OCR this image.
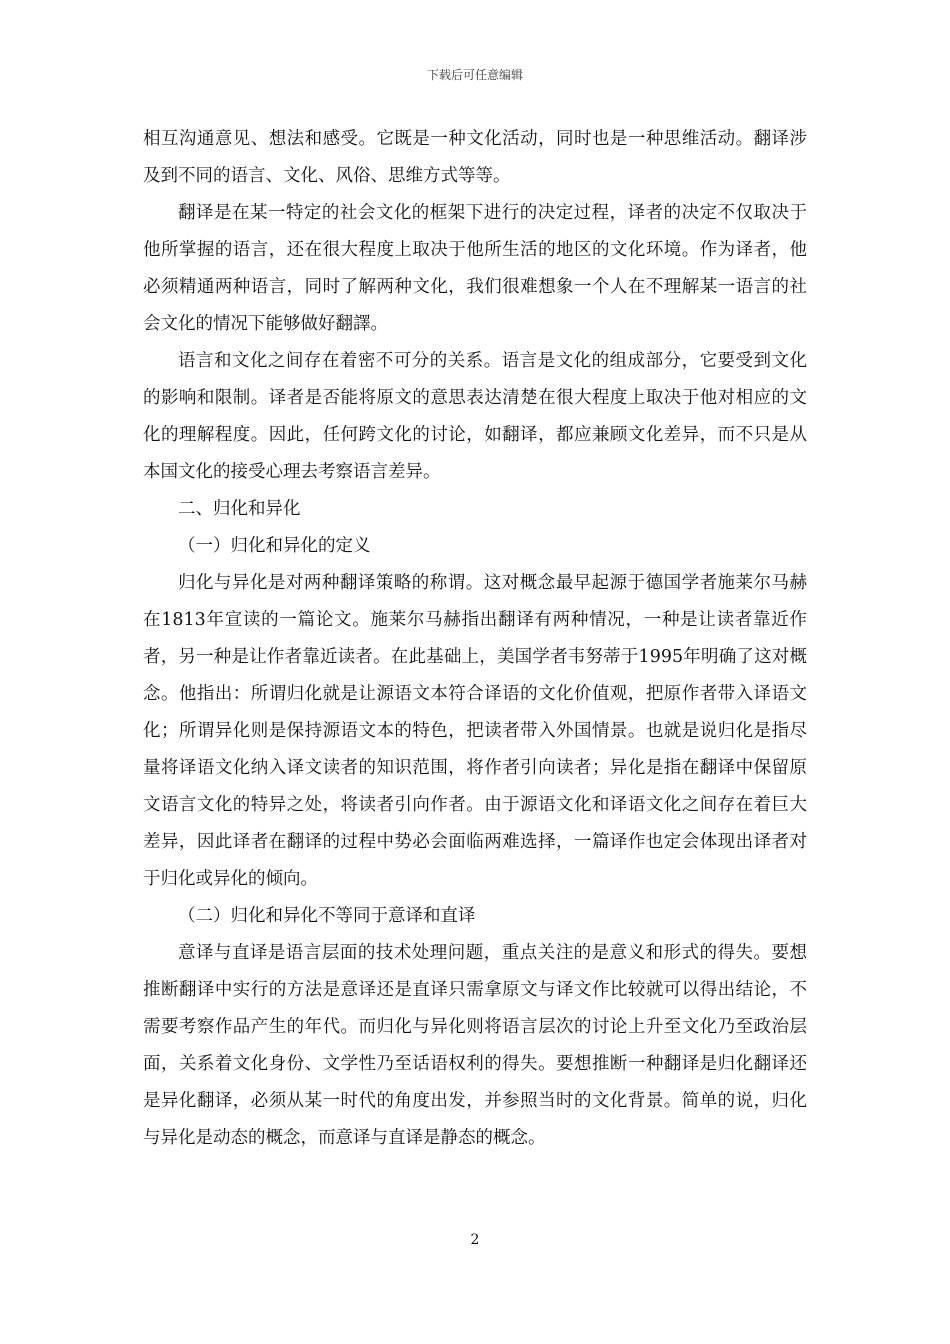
下载后可任意编辑

相互沟通意见、想法和感受。它既是一种文化活动，同时也是一种思维活动。翻译涉及到不同的语言、文化、风俗、思维方式等等。

翻译是在某一特定的社会文化的框架下进行的决定过程，译者的决定不仅取决于他所掌握的语言，还在很大程度上取决于他所生活的地区的文化环境。作为译者，他必须精通两种语言，同时了解两种文化，我们很难想象一个人在不理解某一语言的社会文化的情况下能够做好翻譯。

语言和文化之间存在着密不可分的关系。语言是文化的组成部分，它要受到文化的影响和限制。译者是否能将原文的意思表达清楚在很大程度上取决于他对相应的文化的理解程度。因此，任何跨文化的讨论，如翻译，都应兼顾文化差异，而不只是从本国文化的接受心理去考察语言差异。

二、归化和异化

（一）归化和异化的定义

归化与异化是对两种翻译策略的称谓。这对概念最早起源于德国学者施莱尔马赫在1813年宣读的一篇论文。施莱尔马赫指出翻译有两种情况，一种是让读者靠近作者，另一种是让作者靠近读者。在此基础上，美国学者韦努蒂于1995年明确了这对概念。他指出：所谓归化就是让源语文本符合译语的文化价值观，把原作者带入译语文化；所谓异化则是保持源语文本的特色，把读者带入外国情景。也就是说归化是指尽量将译语文化纳入译文读者的知识范围，将作者引向读者；异化是指在翻译中保留原文语言文化的特异之处，将读者引向作者。由于源语文化和译语文化之间存在着巨大差异，因此译者在翻译的过程中势必会面临两难选择，一篇译作也定会体现出译者对于归化或异化的倾向。

（二）归化和异化不等同于意译和直译

意译与直译是语言层面的技术处理问题，重点关注的是意义和形式的得失。要想推断翻译中实行的方法是意译还是直译只需拿原文与译文作比较就可以得出结论，不需要考察作品产生的年代。而归化与异化则将语言层次的讨论上升至文化乃至政治层面，关系着文化身份、文学性乃至话语权利的得失。要想推断一种翻译是归化翻译还是异化翻译，必须从某一时代的角度出发，并参照当时的文化背景。简单的说，归化与异化是动态的概念，而意译与直译是静态的概念。

2
